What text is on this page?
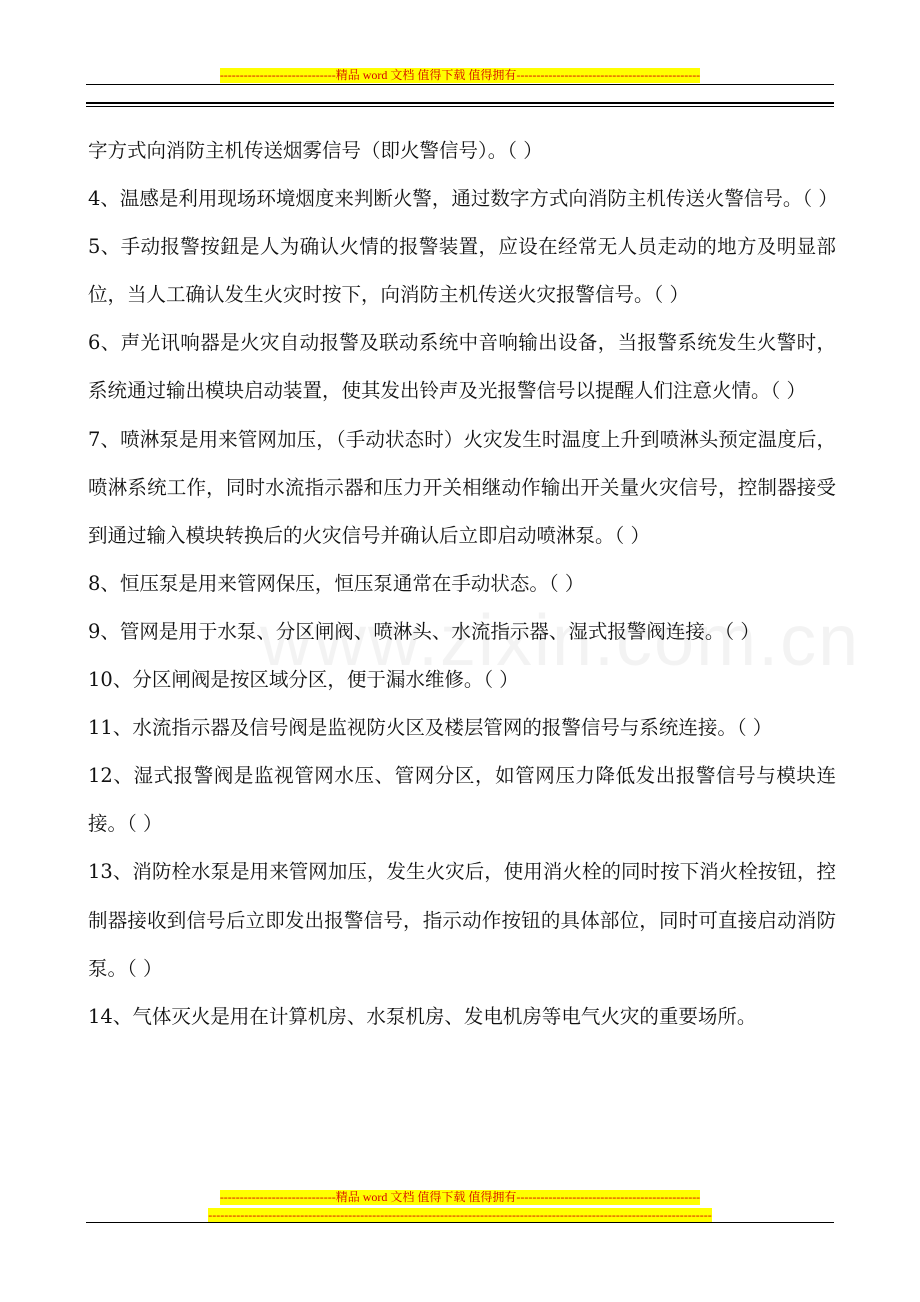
-----------------------------精品 word 文档 值得下载 值得拥有----------------------------------------------

字方式向消防主机传送烟雾信号（即火警信号）。（ ）

4、温感是利用现场环境烟度来判断火警，通过数字方式向消防主机传送火警信号。（ ）

5、手动报警按鈕是人为确认火情的报警装置，应设在经常无人员走动的地方及明显部位，当人工确认发生火灾时按下，向消防主机传送火灾报警信号。（ ）

6、声光讯响器是火灾自动报警及联动系统中音响输出设备，当报警系统发生火警时，系统通过输出模块启动装置，使其发出铃声及光报警信号以提醒人们注意火情。（ ）

7、喷淋泵是用来管网加压，（手动状态时）火灾发生时温度上升到喷淋头预定温度后，喷淋系统工作，同时水流指示器和压力开关相继动作输出开关量火灾信号，控制器接受到通过输入模块转换后的火灾信号并确认后立即启动喷淋泵。（ ）

8、恒压泵是用来管网保压，恒压泵通常在手动状态。（ ）

9、管网是用于水泵、分区闸阀、喷淋头、水流指示器、湿式报警阀连接。（ ）

10、分区闸阀是按区域分区，便于漏水维修。（ ）

11、水流指示器及信号阀是监视防火区及楼层管网的报警信号与系统连接。（ ）

12、湿式报警阀是监视管网水压、管网分区，如管网压力降低发出报警信号与模块连接。（ ）

13、消防栓水泵是用来管网加压，发生火灾后，使用消火栓的同时按下消火栓按钮，控制器接收到信号后立即发出报警信号，指示动作按钮的具体部位，同时可直接启动消防泵。（ ）

14、气体灭火是用在计算机房、水泵机房、发电机房等电气火灾的重要场所。

-----------------------------精品 word 文档 值得下载 值得拥有----------------------------------------------
------------------------------------------------------------------------------------------------------------------------------
